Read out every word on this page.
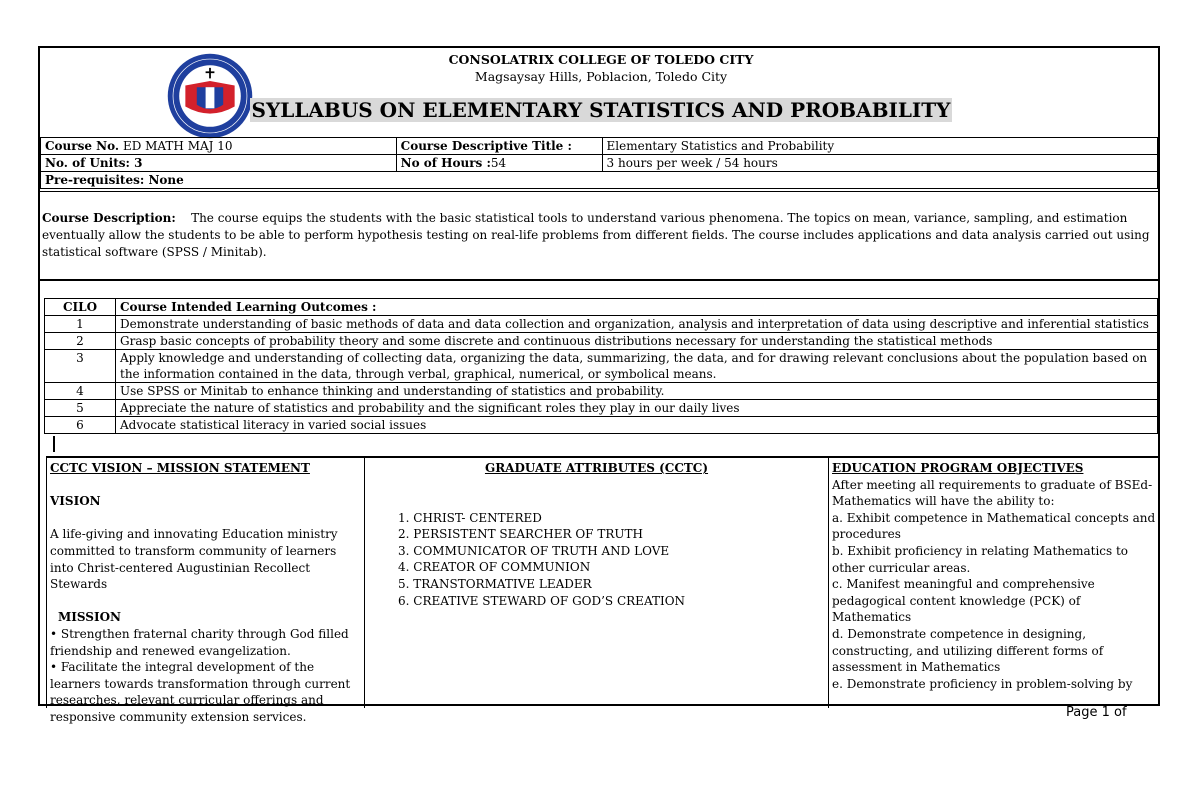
CONSOLATRIX COLLEGE OF TOLEDO CITY
Magsaysay Hills, Poblacion, Toledo City
SYLLABUS ON ELEMENTARY STATISTICS AND PROBABILITY
Course No. ED MATH MAJ 10	Course Descriptive Title :	Elementary Statistics and Probability
No. of Units: 3	No of Hours :54	3 hours per week / 54 hours
Pre-requisites: None		
Course Description: The course equips the students with the basic statistical tools to understand various phenomena. The topics on mean, variance, sampling, and estimation eventually allow the students to be able to perform hypothesis testing on real-life problems from different fields. The course includes applications and data analysis carried out using statistical software (SPSS / Minitab).
CILO	Course Intended Learning Outcomes :
1	Demonstrate understanding of basic methods of data and data collection and organization, analysis and interpretation of data using descriptive and inferential statistics
2	Grasp basic concepts of probability theory and some discrete and continuous distributions necessary for understanding the statistical methods
3	Apply knowledge and understanding of collecting data, organizing the data, summarizing, the data, and for drawing relevant conclusions about the population based on the information contained in the data, through verbal, graphical, numerical, or symbolical means.
4	Use SPSS or Minitab to enhance thinking and understanding of statistics and probability.
5	Appreciate the nature of statistics and probability and the significant roles they play in our daily lives
6	Advocate statistical literacy in varied social issues
CCTC VISION – MISSION STATEMENT
VISION
A life-giving and innovating Education ministry committed to transform community of learners into Christ-centered Augustinian Recollect Stewards
MISSION
• Strengthen fraternal charity through God filled friendship and renewed evangelization.
• Facilitate the integral development of the learners towards transformation through current researches, relevant curricular offerings and responsive community extension services.
GRADUATE ATTRIBUTES (CCTC)
1. CHRIST- CENTERED
2. PERSISTENT SEARCHER OF TRUTH
3. COMMUNICATOR OF TRUTH AND LOVE
4. CREATOR OF COMMUNION
5. TRANSTORMATIVE LEADER
6. CREATIVE STEWARD OF GOD’S CREATION
EDUCATION PROGRAM OBJECTIVES
After meeting all requirements to graduate of BSEd-Mathematics will have the ability to:
a. Exhibit competence in Mathematical concepts and procedures
b. Exhibit proficiency in relating Mathematics to other curricular areas.
c. Manifest meaningful and comprehensive pedagogical content knowledge (PCK) of Mathematics
d. Demonstrate competence in designing, constructing, and utilizing different forms of assessment in Mathematics
e. Demonstrate proficiency in problem-solving by
Page 1 of
